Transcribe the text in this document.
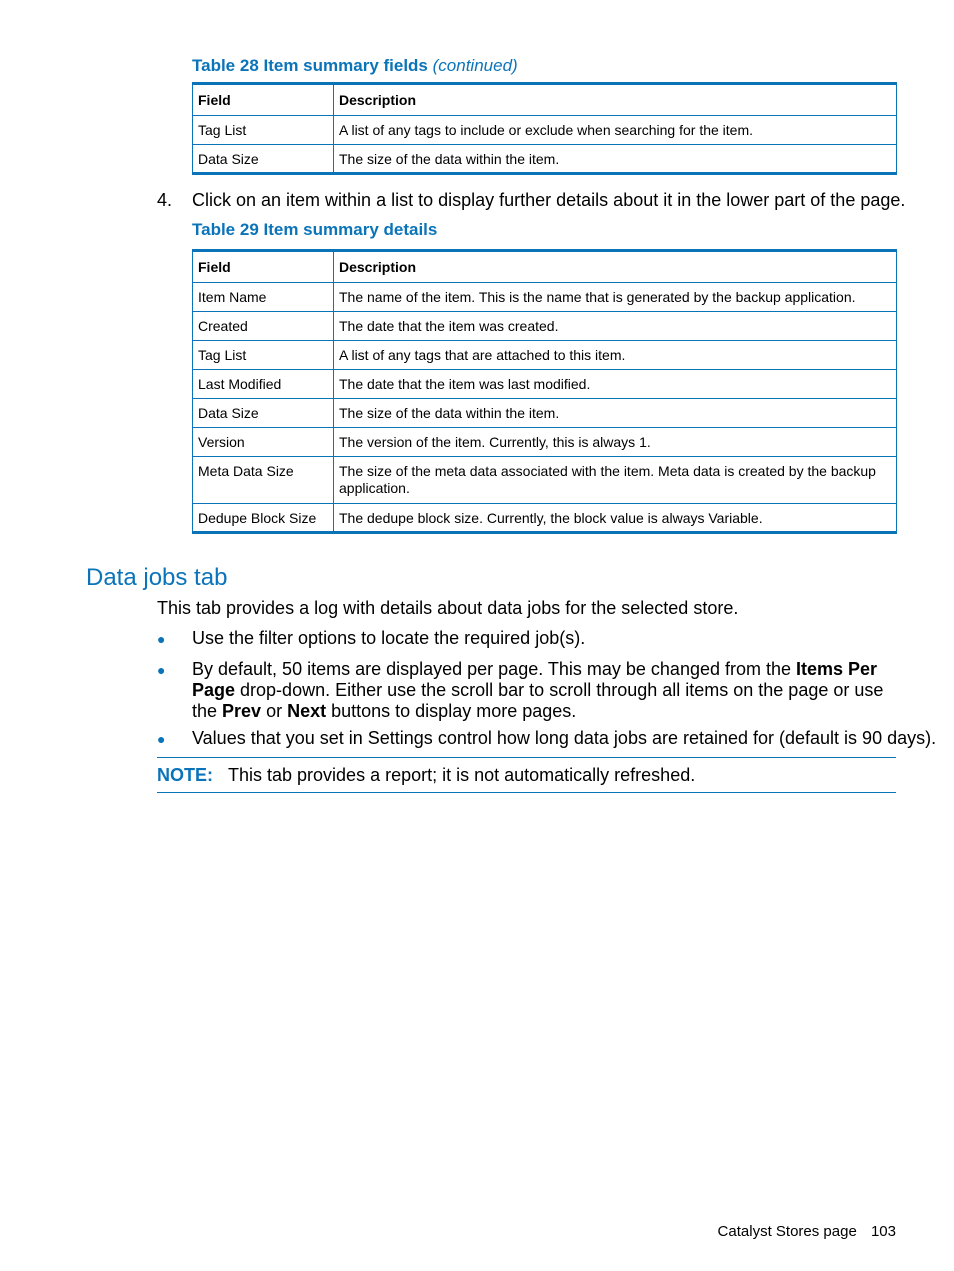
Table 28 Item summary fields (continued)
Field	Description
Tag List	A list of any tags to include or exclude when searching for the item.
Data Size	The size of the data within the item.
4. Click on an item within a list to display further details about it in the lower part of the page.
Table 29 Item summary details
Field	Description
Item Name	The name of the item. This is the name that is generated by the backup application.
Created	The date that the item was created.
Tag List	A list of any tags that are attached to this item.
Last Modified	The date that the item was last modified.
Data Size	The size of the data within the item.
Version	The version of the item. Currently, this is always 1.
Meta Data Size	The size of the meta data associated with the item. Meta data is created by the backup application.
Dedupe Block Size	The dedupe block size. Currently, the block value is always Variable.
Data jobs tab
This tab provides a log with details about data jobs for the selected store.
● Use the filter options to locate the required job(s).
● By default, 50 items are displayed per page. This may be changed from the Items Per Page drop-down. Either use the scroll bar to scroll through all items on the page or use the Prev or Next buttons to display more pages.
● Values that you set in Settings control how long data jobs are retained for (default is 90 days).
NOTE: This tab provides a report; it is not automatically refreshed.
Catalyst Stores page 103
